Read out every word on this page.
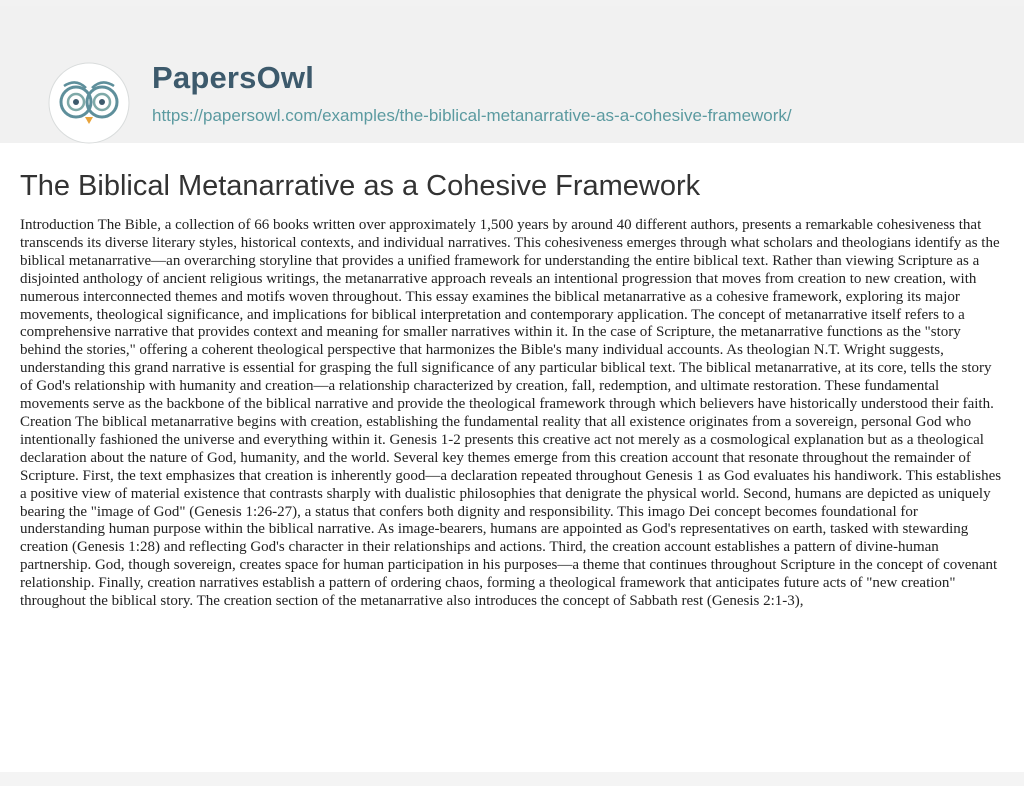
PapersOwl
https://papersowl.com/examples/the-biblical-metanarrative-as-a-cohesive-framework/
The Biblical Metanarrative as a Cohesive Framework

Introduction The Bible, a collection of 66 books written over approximately 1,500 years by around 40 different authors, presents a remarkable cohesiveness that transcends its diverse literary styles, historical contexts, and individual narratives. This cohesiveness emerges through what scholars and theologians identify as the biblical metanarrative—an overarching storyline that provides a unified framework for understanding the entire biblical text. Rather than viewing Scripture as a disjointed anthology of ancient religious writings, the metanarrative approach reveals an intentional progression that moves from creation to new creation, with numerous interconnected themes and motifs woven throughout. This essay examines the biblical metanarrative as a cohesive framework, exploring its major movements, theological significance, and implications for biblical interpretation and contemporary application. The concept of metanarrative itself refers to a comprehensive narrative that provides context and meaning for smaller narratives within it. In the case of Scripture, the metanarrative functions as the "story behind the stories," offering a coherent theological perspective that harmonizes the Bible's many individual accounts. As theologian N.T. Wright suggests, understanding this grand narrative is essential for grasping the full significance of any particular biblical text. The biblical metanarrative, at its core, tells the story of God's relationship with humanity and creation—a relationship characterized by creation, fall, redemption, and ultimate restoration. These fundamental movements serve as the backbone of the biblical narrative and provide the theological framework through which believers have historically understood their faith. Creation The biblical metanarrative begins with creation, establishing the fundamental reality that all existence originates from a sovereign, personal God who intentionally fashioned the universe and everything within it. Genesis 1-2 presents this creative act not merely as a cosmological explanation but as a theological declaration about the nature of God, humanity, and the world. Several key themes emerge from this creation account that resonate throughout the remainder of Scripture. First, the text emphasizes that creation is inherently good—a declaration repeated throughout Genesis 1 as God evaluates his handiwork. This establishes a positive view of material existence that contrasts sharply with dualistic philosophies that denigrate the physical world. Second, humans are depicted as uniquely bearing the "image of God" (Genesis 1:26-27), a status that confers both dignity and responsibility. This imago Dei concept becomes foundational for understanding human purpose within the biblical narrative. As image-bearers, humans are appointed as God's representatives on earth, tasked with stewarding creation (Genesis 1:28) and reflecting God's character in their relationships and actions. Third, the creation account establishes a pattern of divine-human partnership. God, though sovereign, creates space for human participation in his purposes—a theme that continues throughout Scripture in the concept of covenant relationship. Finally, creation narratives establish a pattern of ordering chaos, forming a theological framework that anticipates future acts of "new creation" throughout the biblical story. The creation section of the metanarrative also introduces the concept of Sabbath rest (Genesis 2:1-3),
